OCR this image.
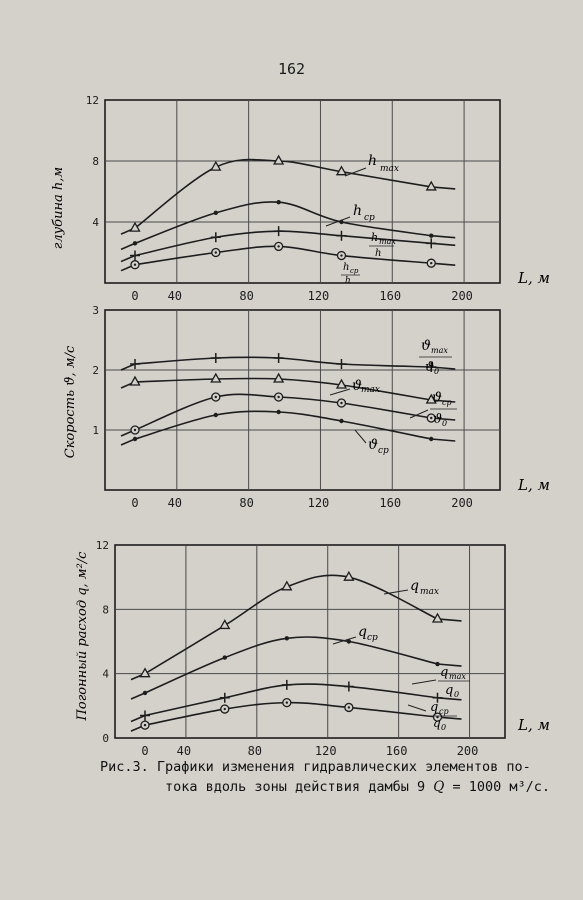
162
0 40	80	120	160	200
4
8
12
глубина h,м
L, м
h max
h cp
h max
h
h cp
h
0 40	80	120	160	200
1
2
3
Скорость ϑ, м/с
L, м
ϑ max
ϑ 0
ϑ
max	ϑ cp
ϑ 0
ϑ cp
0 40	80	120	160	200
0
4
8
12
Погонный расход q, м²/с
L, м
q max
q cp
q max
q 0
q cp
q 0
Рис.3. Графики изменения гидравлических элементов по-
тока вдоль зоны действия дамбы 9 Q = 1000 м³/с.
